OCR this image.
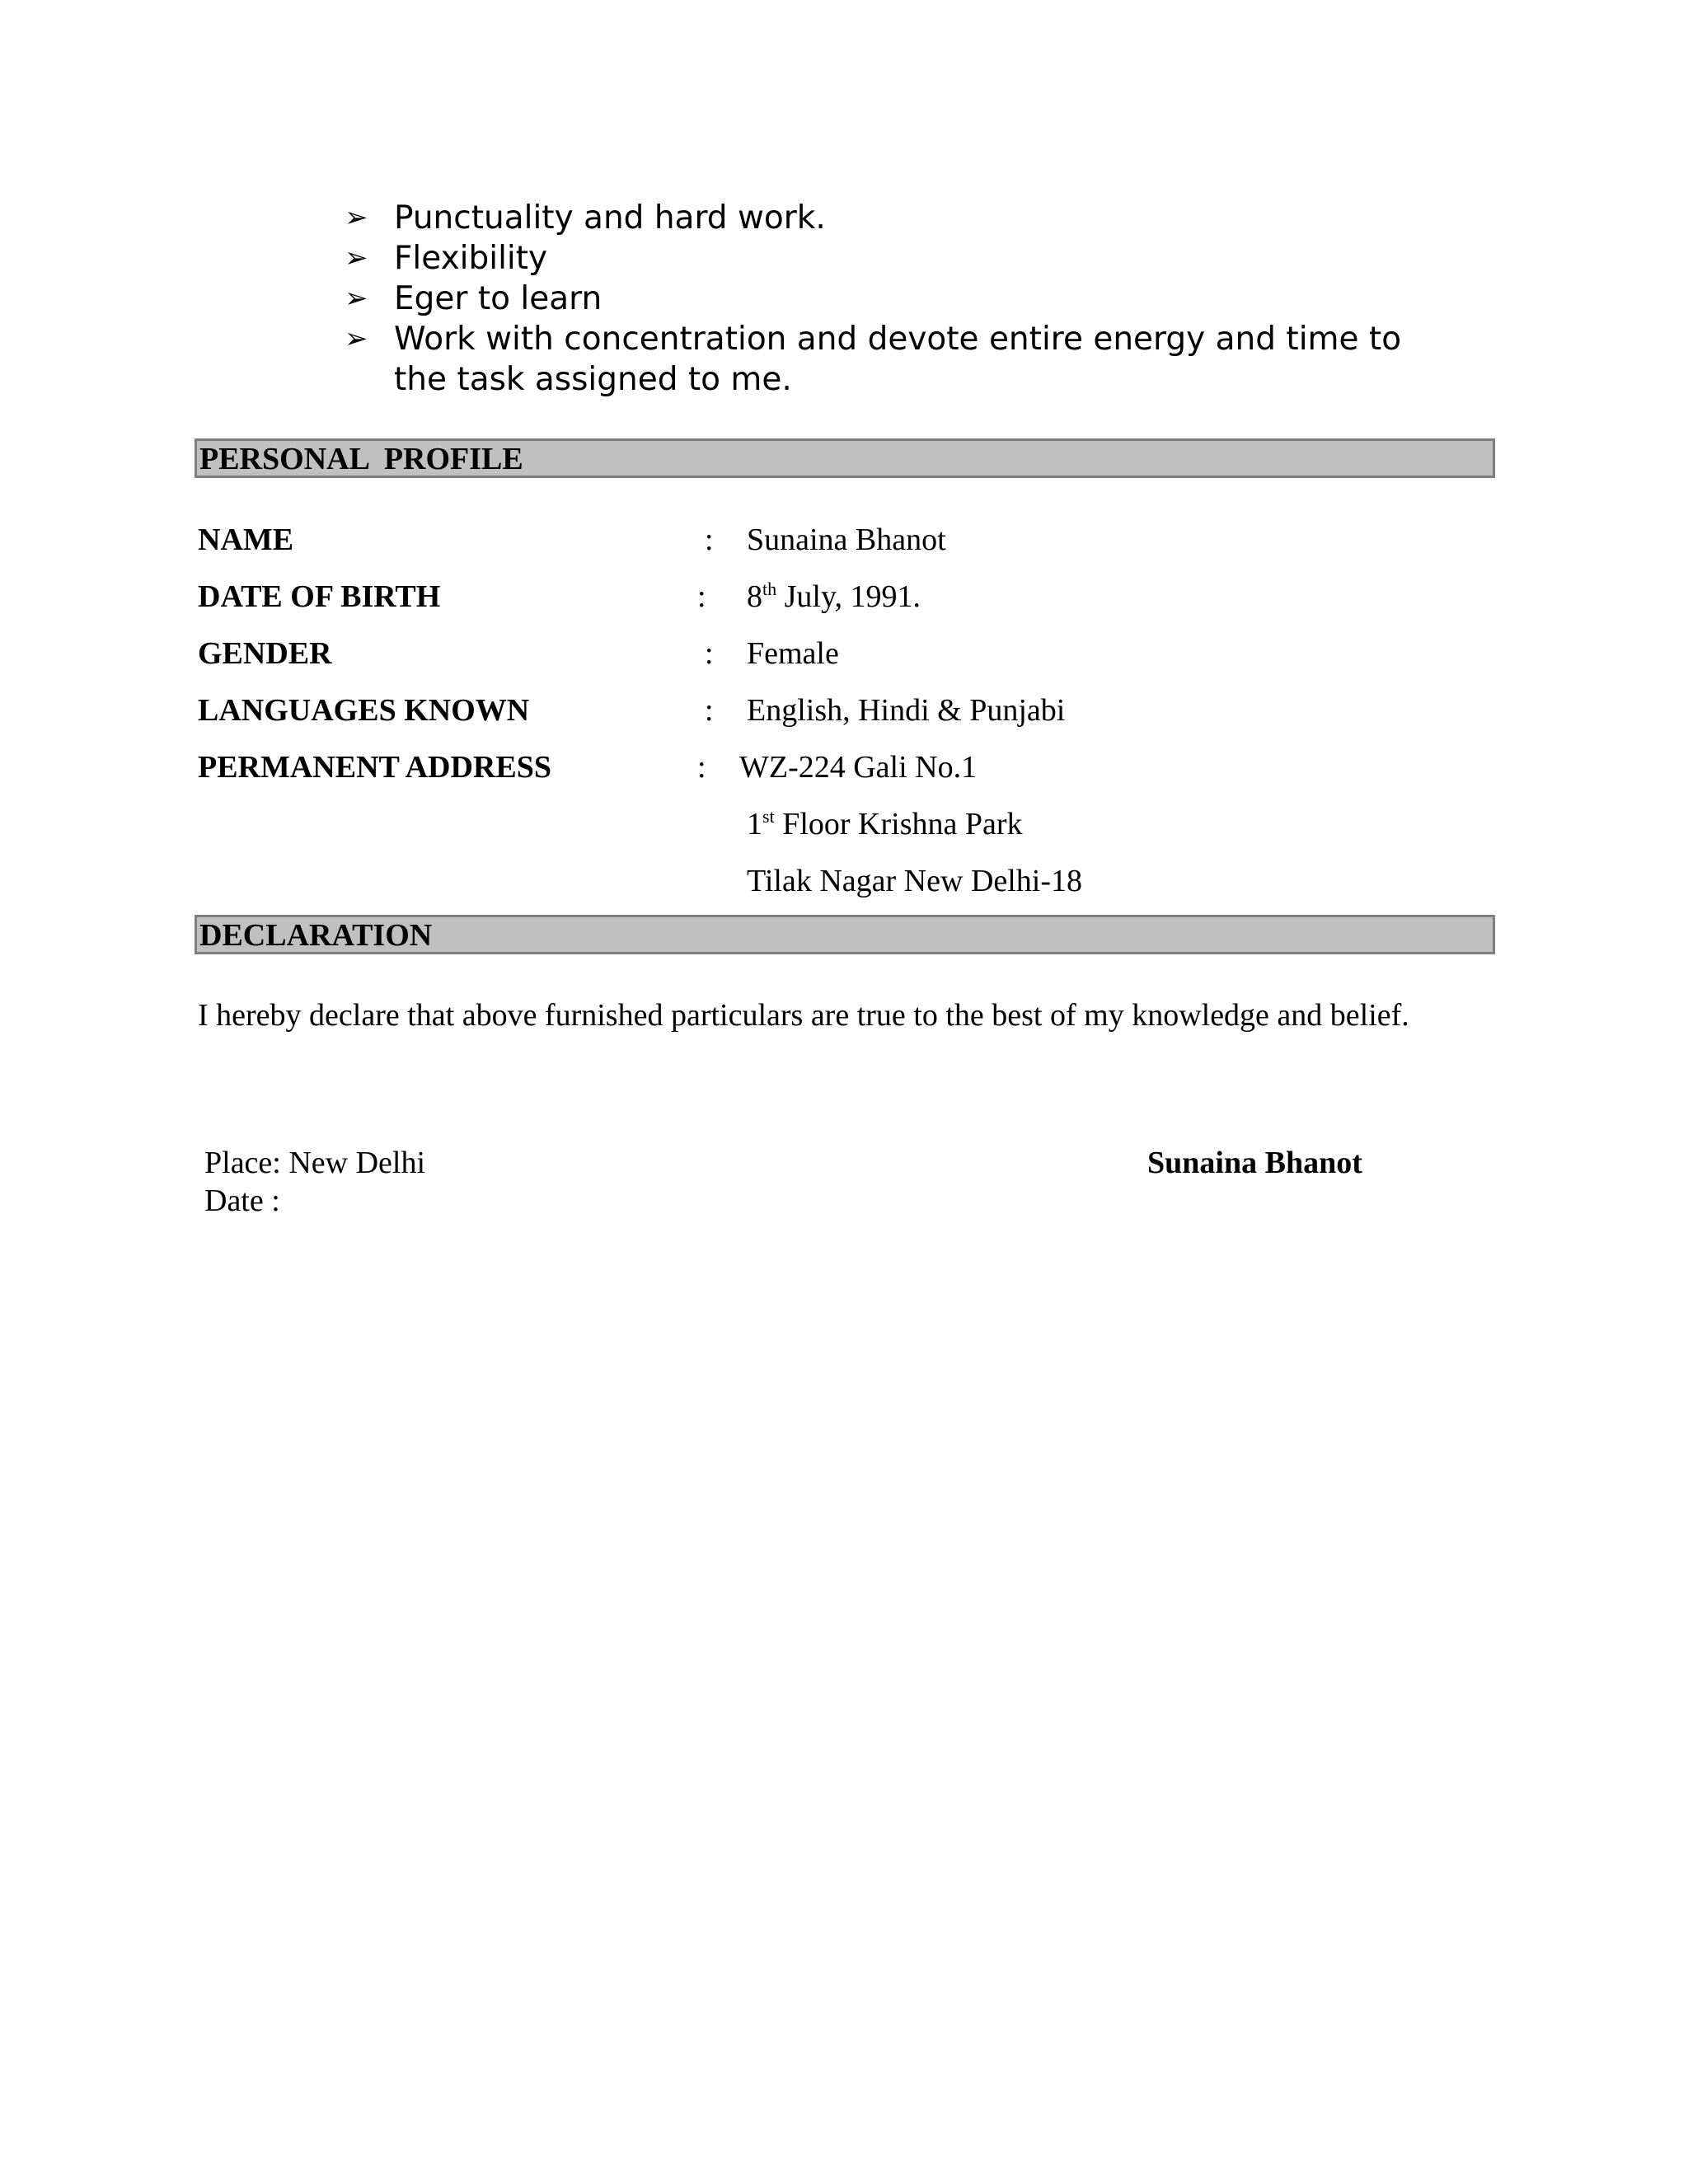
➢ Punctuality and hard work.
➢ Flexibility
➢ Eger to learn
➢ Work with concentration and devote entire energy and time to
the task assigned to me.
PERSONAL  PROFILE
NAME	: Sunaina Bhanot
DATE OF BIRTH	: 8th July, 1991.
GENDER	: Female
LANGUAGES KNOWN	: English, Hindi & Punjabi
PERMANENT ADDRESS	: WZ-224 Gali No.1
1st Floor Krishna Park
Tilak Nagar New Delhi-18
DECLARATION
I hereby declare that above furnished particulars are true to the best of my knowledge and belief.
Place: New Delhi
Date :
Sunaina Bhanot
